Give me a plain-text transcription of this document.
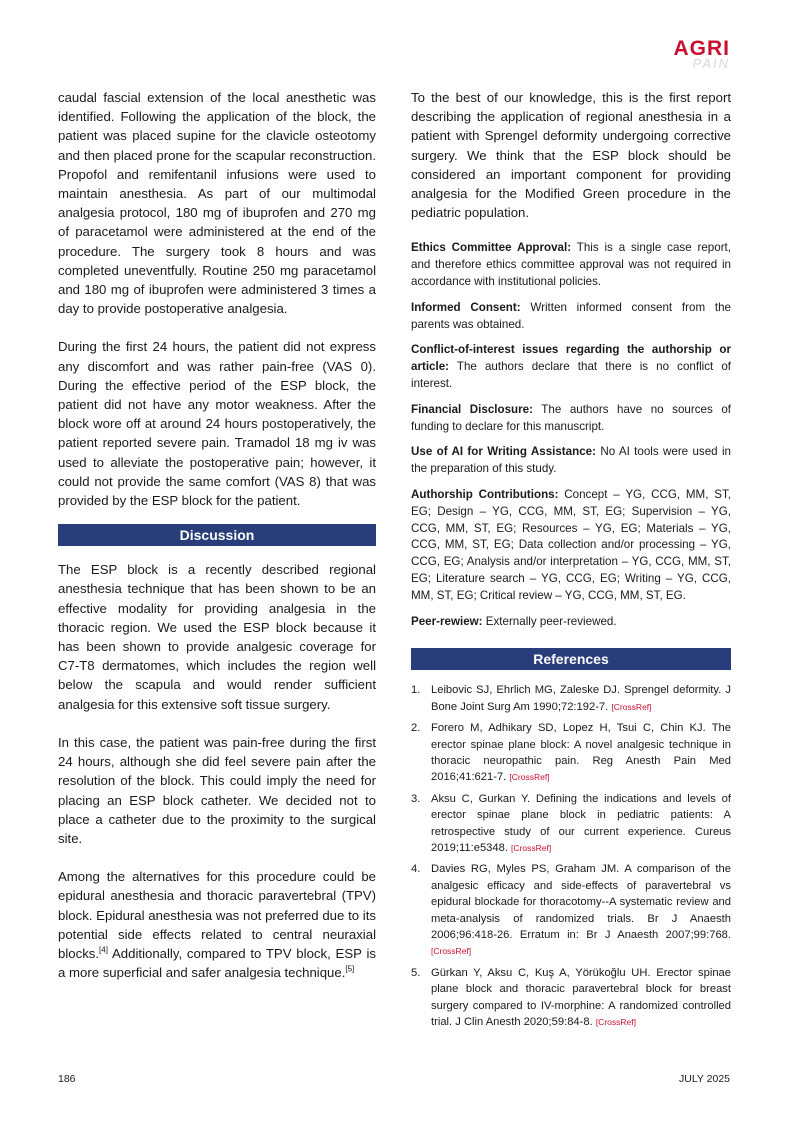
AGRI
PAIN

caudal fascial extension of the local anesthetic was identified. Following the application of the block, the patient was placed supine for the clavicle osteotomy and then placed prone for the scapular reconstruction. Propofol and remifentanil infusions were used to maintain anesthesia. As part of our multimodal analgesia protocol, 180 mg of ibuprofen and 270 mg of paracetamol were administered at the end of the procedure. The surgery took 8 hours and was completed uneventfully. Routine 250 mg paracetamol and 180 mg of ibuprofen were administered 3 times a day to provide postoperative analgesia.

During the first 24 hours, the patient did not express any discomfort and was rather pain-free (VAS 0). During the effective period of the ESP block, the patient did not have any motor weakness. After the block wore off at around 24 hours postoperatively, the patient reported severe pain. Tramadol 18 mg iv was used to alleviate the postoperative pain; however, it could not provide the same comfort (VAS 8) that was provided by the ESP block for the patient.

Discussion

The ESP block is a recently described regional anesthesia technique that has been shown to be an effective modality for providing analgesia in the thoracic region. We used the ESP block because it has been shown to provide analgesic coverage for C7-T8 dermatomes, which includes the region well below the scapula and would render sufficient analgesia for this extensive soft tissue surgery.

In this case, the patient was pain-free during the first 24 hours, although she did feel severe pain after the resolution of the block. This could imply the need for placing an ESP block catheter. We decided not to place a catheter due to the proximity to the surgical site.

Among the alternatives for this procedure could be epidural anesthesia and thoracic paravertebral (TPV) block. Epidural anesthesia was not preferred due to its potential side effects related to central neuraxial blocks.[4] Additionally, compared to TPV block, ESP is a more superficial and safer analgesia technique.[5]

To the best of our knowledge, this is the first report describing the application of regional anesthesia in a patient with Sprengel deformity undergoing corrective surgery. We think that the ESP block should be considered an important component for providing analgesia for the Modified Green procedure in the pediatric population.

Ethics Committee Approval: This is a single case report, and therefore ethics committee approval was not required in accordance with institutional policies.

Informed Consent: Written informed consent from the parents was obtained.

Conflict-of-interest issues regarding the authorship or article: The authors declare that there is no conflict of interest.

Financial Disclosure: The authors have no sources of funding to declare for this manuscript.

Use of AI for Writing Assistance: No AI tools were used in the preparation of this study.

Authorship Contributions: Concept – YG, CCG, MM, ST, EG; Design – YG, CCG, MM, ST, EG; Supervision – YG, CCG, MM, ST, EG; Resources – YG, EG; Materials – YG, CCG, MM, ST, EG; Data collection and/or processing – YG, CCG, EG; Analysis and/or interpretation – YG, CCG, MM, ST, EG; Literature search – YG, CCG, EG; Writing – YG, CCG, MM, ST, EG; Critical review – YG, CCG, MM, ST, EG.

Peer-rewiew: Externally peer-reviewed.

References
1. Leibovic SJ, Ehrlich MG, Zaleske DJ. Sprengel deformity. J Bone Joint Surg Am 1990;72:192-7. [CrossRef]
2. Forero M, Adhikary SD, Lopez H, Tsui C, Chin KJ. The erector spinae plane block: A novel analgesic technique in thoracic neuropathic pain. Reg Anesth Pain Med 2016;41:621-7. [CrossRef]
3. Aksu C, Gurkan Y. Defining the indications and levels of erector spinae plane block in pediatric patients: A retrospective study of our current experience. Cureus 2019;11:e5348. [CrossRef]
4. Davies RG, Myles PS, Graham JM. A comparison of the analgesic efficacy and side-effects of paravertebral vs epidural blockade for thoracotomy--A systematic review and meta-analysis of randomized trials. Br J Anaesth 2006;96:418-26. Erratum in: Br J Anaesth 2007;99:768. [CrossRef]
5. Gürkan Y, Aksu C, Kuş A, Yörükoğlu UH. Erector spinae plane block and thoracic paravertebral block for breast surgery compared to IV-morphine: A randomized controlled trial. J Clin Anesth 2020;59:84-8. [CrossRef]
186	JULY 2025
